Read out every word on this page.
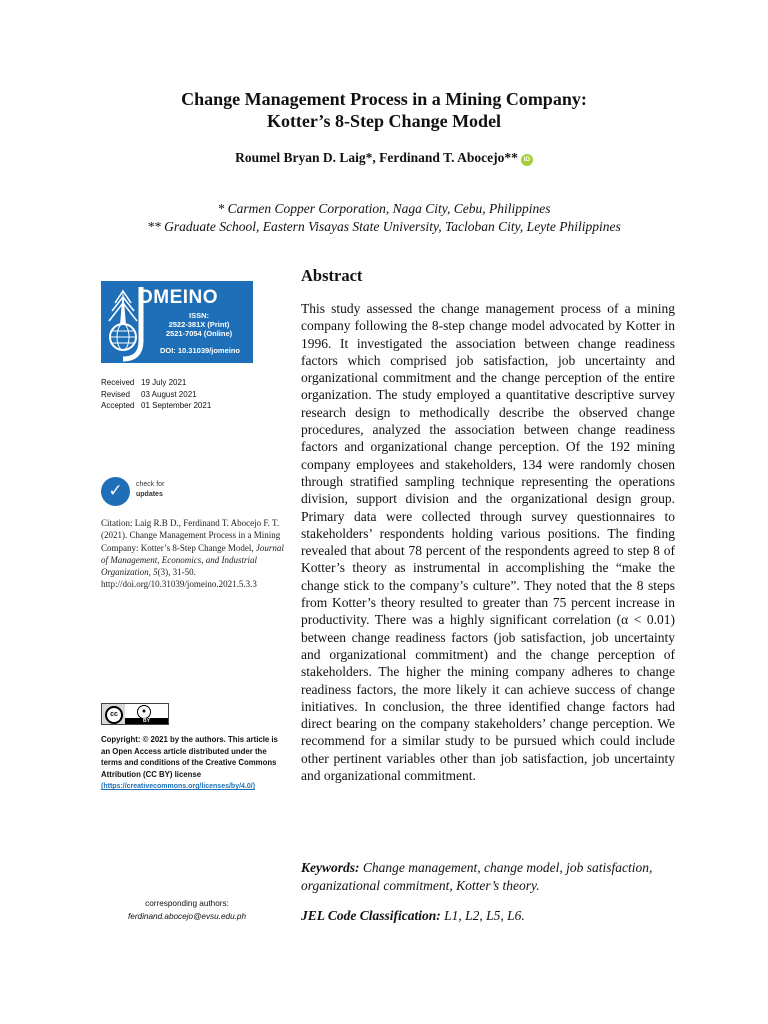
Change Management Process in a Mining Company:
Kotter’s 8-Step Change Model
Roumel Bryan D. Laig*, Ferdinand T. Abocejo** iD
* Carmen Copper Corporation, Naga City, Cebu, Philippines
** Graduate School, Eastern Visayas State University, Tacloban City, Leyte Philippines
OMEINO
ISSN:
2522-381X (Print)
2521-7054 (Online)
DOI: 10.31039/jomeino
Received 19 July 2021
Revised 03 August 2021
Accepted 01 September 2021
✓	check for
updates
Citation: Laig R.B D., Ferdinand T. Abocejo F. T. (2021). Change Management Process in a Mining Company: Kotter’s 8-Step Change Model, Journal of Management, Economics, and Industrial Organization, 5(3), 31-50. http://doi.org/10.31039/jomeino.2021.5.3.3
cc	●
BY
Copyright: © 2021 by the authors. This article is an Open Access article distributed under the terms and conditions of the Creative Commons Attribution (CC BY) license (https://creativecommons.org/licenses/by/4.0/)
corresponding authors:
ferdinand.abocejo@evsu.edu.ph
Abstract

This study assessed the change management process of a mining company following the 8-step change model advocated by Kotter in 1996. It investigated the association between change readiness factors which comprised job satisfaction, job uncertainty and organizational commitment and the change perception of the entire organization. The study employed a quantitative descriptive survey research design to methodically describe the observed change procedures, analyzed the association between change readiness factors and organizational change perception. Of the 192 mining company employees and stakeholders, 134 were randomly chosen through stratified sampling technique representing the operations division, support division and the organizational design group. Primary data were collected through survey questionnaires to stakeholders’ respondents holding various positions. The finding revealed that about 78 percent of the respondents agreed to step 8 of Kotter’s theory as instrumental in accomplishing the “make the change stick to the company’s culture”. They noted that the 8 steps from Kotter’s theory resulted to greater than 75 percent increase in productivity. There was a highly significant correlation (α < 0.01) between change readiness factors (job satisfaction, job uncertainty and organizational commitment) and the change perception of stakeholders. The higher the mining company adheres to change readiness factors, the more likely it can achieve success of change initiatives. In conclusion, the three identified change factors had direct bearing on the company stakeholders’ change perception. We recommend for a similar study to be pursued which could include other pertinent variables other than job satisfaction, job uncertainty and organizational commitment.

Keywords: Change management, change model, job satisfaction, organizational commitment, Kotter’s theory.

JEL Code Classification: L1, L2, L5, L6.
